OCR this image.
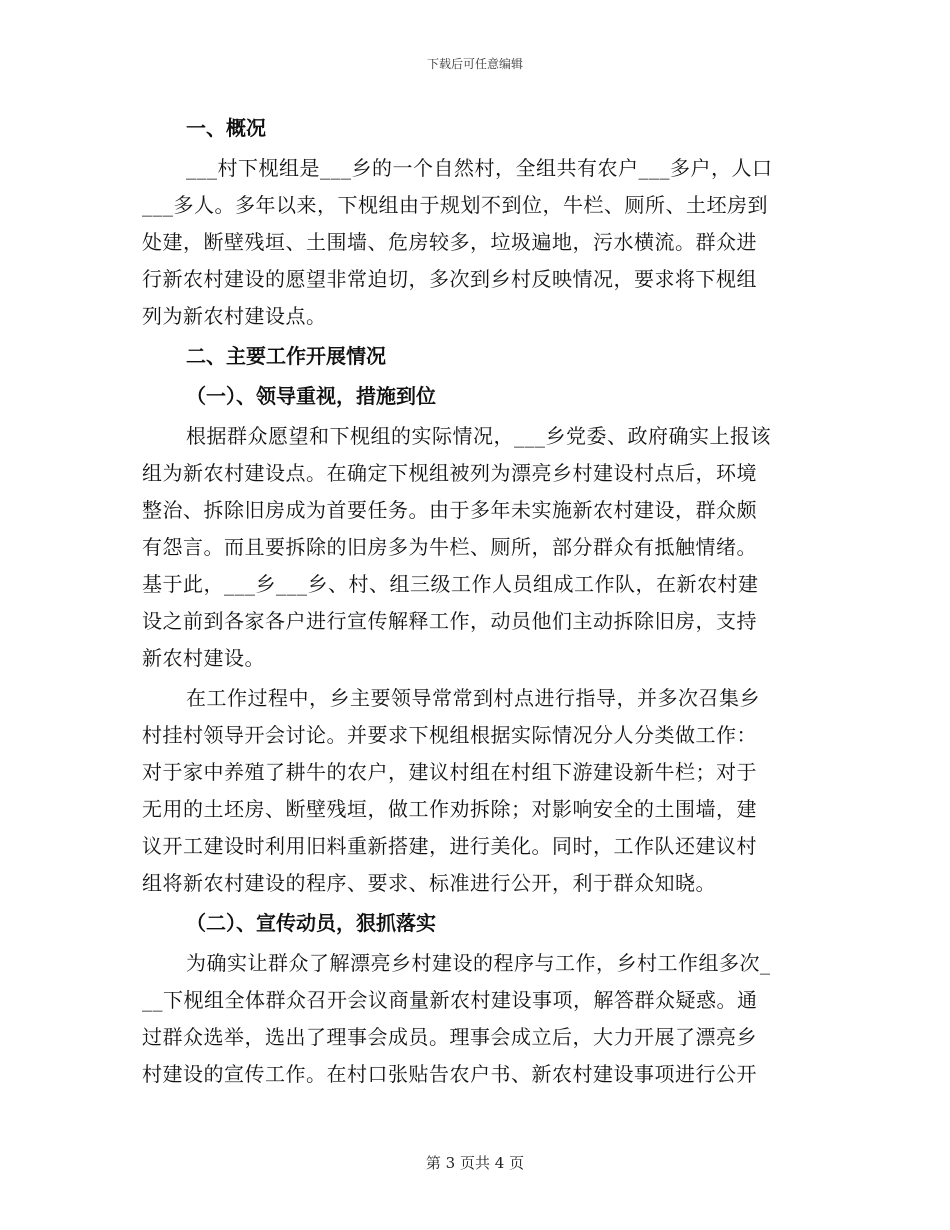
下载后可任意编辑
一、概况
___村下枧组是___乡的一个自然村，全组共有农户___多户，人口
___多人。多年以来，下枧组由于规划不到位，牛栏、厕所、土坯房到
处建，断壁残垣、土围墙、危房较多，垃圾遍地，污水横流。群众进
行新农村建设的愿望非常迫切，多次到乡村反映情况，要求将下枧组
列为新农村建设点。
二、主要工作开展情况
（一）、领导重视，措施到位
根据群众愿望和下枧组的实际情况，___乡党委、政府确实上报该
组为新农村建设点。在确定下枧组被列为漂亮乡村建设村点后，环境
整治、拆除旧房成为首要任务。由于多年未实施新农村建设，群众颇
有怨言。而且要拆除的旧房多为牛栏、厕所，部分群众有抵触情绪。
基于此，___乡___乡、村、组三级工作人员组成工作队，在新农村建
设之前到各家各户进行宣传解释工作，动员他们主动拆除旧房，支持
新农村建设。
在工作过程中，乡主要领导常常到村点进行指导，并多次召集乡
村挂村领导开会讨论。并要求下枧组根据实际情况分人分类做工作：
对于家中养殖了耕牛的农户，建议村组在村组下游建设新牛栏；对于
无用的土坯房、断壁残垣，做工作劝拆除；对影响安全的土围墙，建
议开工建设时利用旧料重新搭建，进行美化。同时，工作队还建议村
组将新农村建设的程序、要求、标准进行公开，利于群众知晓。
（二）、宣传动员，狠抓落实
为确实让群众了解漂亮乡村建设的程序与工作，乡村工作组多次_
__下枧组全体群众召开会议商量新农村建设事项，解答群众疑惑。通
过群众选举，选出了理事会成员。理事会成立后，大力开展了漂亮乡
村建设的宣传工作。在村口张贴告农户书、新农村建设事项进行公开
第 3 页共 4 页
